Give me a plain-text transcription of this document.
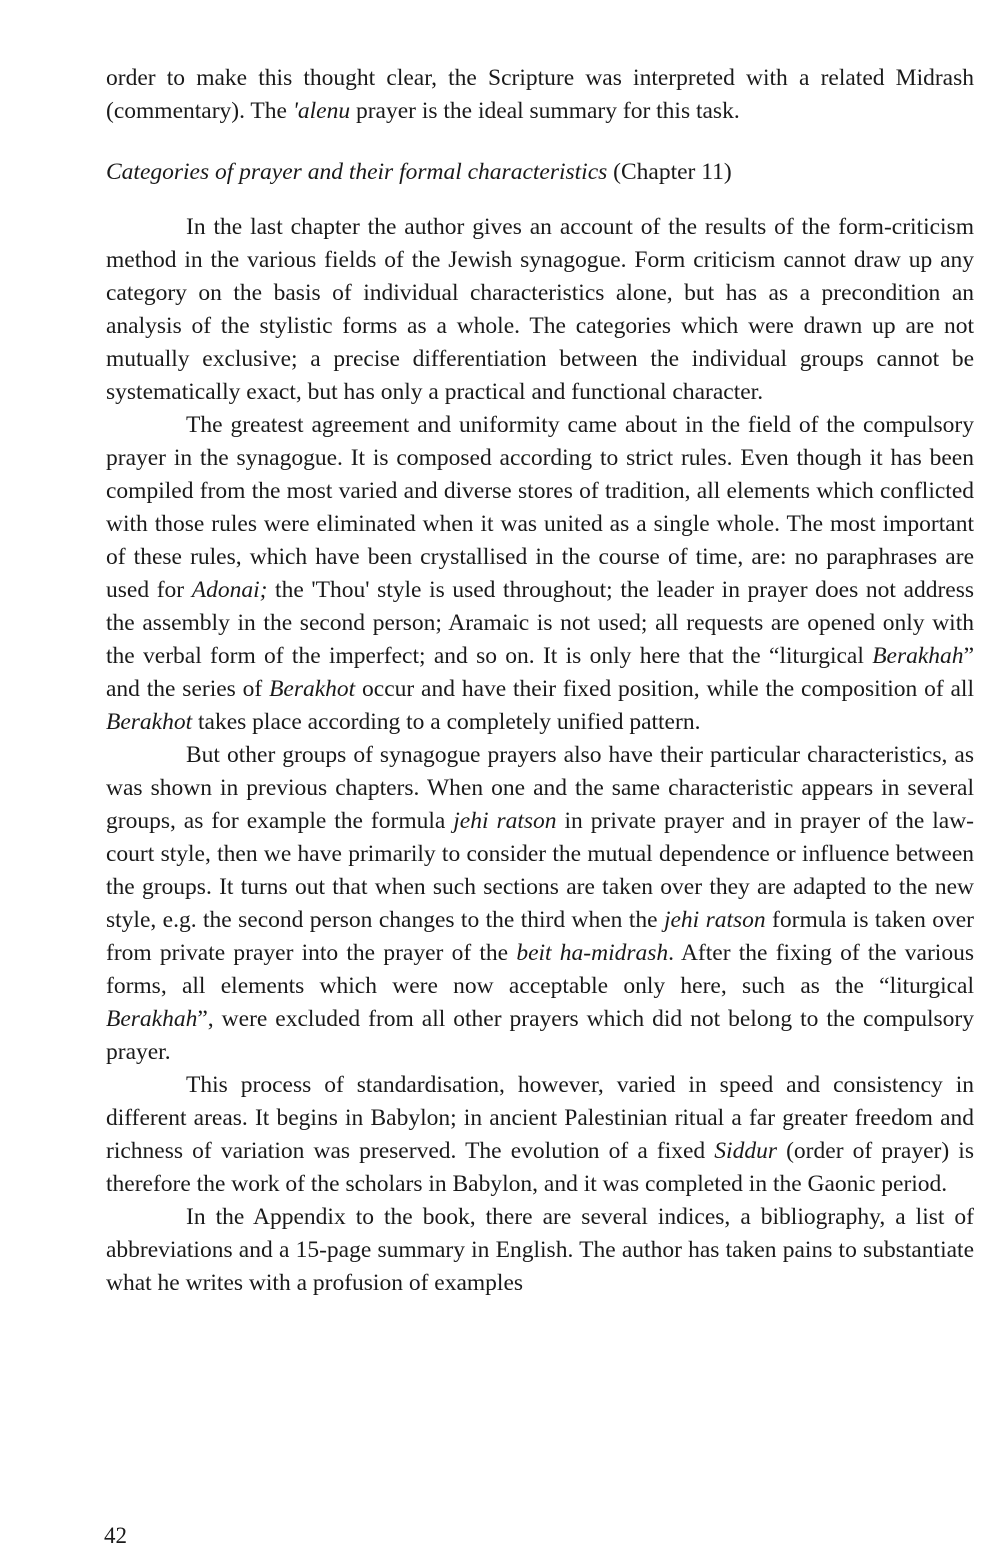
order to make this thought clear, the Scripture was interpreted with a related Midrash (commentary). The 'alenu prayer is the ideal summary for this task.

Categories of prayer and their formal characteristics (Chapter 11)

In the last chapter the author gives an account of the results of the form-criticism method in the various fields of the Jewish synagogue. Form criticism cannot draw up any category on the basis of individual characteristics alone, but has as a precondition an analysis of the stylistic forms as a whole. The categories which were drawn up are not mutually exclusive; a precise differentiation between the individual groups cannot be systematically exact, but has only a practical and functional character.

The greatest agreement and uniformity came about in the field of the compulsory prayer in the synagogue. It is composed according to strict rules. Even though it has been compiled from the most varied and diverse stores of tradition, all elements which conflicted with those rules were eliminated when it was united as a single whole. The most important of these rules, which have been crystallised in the course of time, are: no paraphrases are used for Adonai; the 'Thou' style is used throughout; the leader in prayer does not address the assembly in the second person; Aramaic is not used; all requests are opened only with the verbal form of the imperfect; and so on. It is only here that the “liturgical Berakhah” and the series of Berakhot occur and have their fixed position, while the composition of all Berakhot takes place according to a completely unified pattern.

But other groups of synagogue prayers also have their particular characteristics, as was shown in previous chapters. When one and the same characteristic appears in several groups, as for example the formula jehi ratson in private prayer and in prayer of the law-court style, then we have primarily to consider the mutual dependence or influence between the groups. It turns out that when such sections are taken over they are adapted to the new style, e.g. the second person changes to the third when the jehi ratson formula is taken over from private prayer into the prayer of the beit ha-midrash. After the fixing of the various forms, all elements which were now acceptable only here, such as the “liturgical Berakhah”, were excluded from all other prayers which did not belong to the compulsory prayer.

This process of standardisation, however, varied in speed and consistency in different areas. It begins in Babylon; in ancient Palestinian ritual a far greater freedom and richness of variation was preserved. The evolution of a fixed Siddur (order of prayer) is therefore the work of the scholars in Babylon, and it was completed in the Gaonic period.

In the Appendix to the book, there are several indices, a bibliography, a list of abbreviations and a 15-page summary in English. The author has taken pains to substantiate what he writes with a profusion of examples

42
